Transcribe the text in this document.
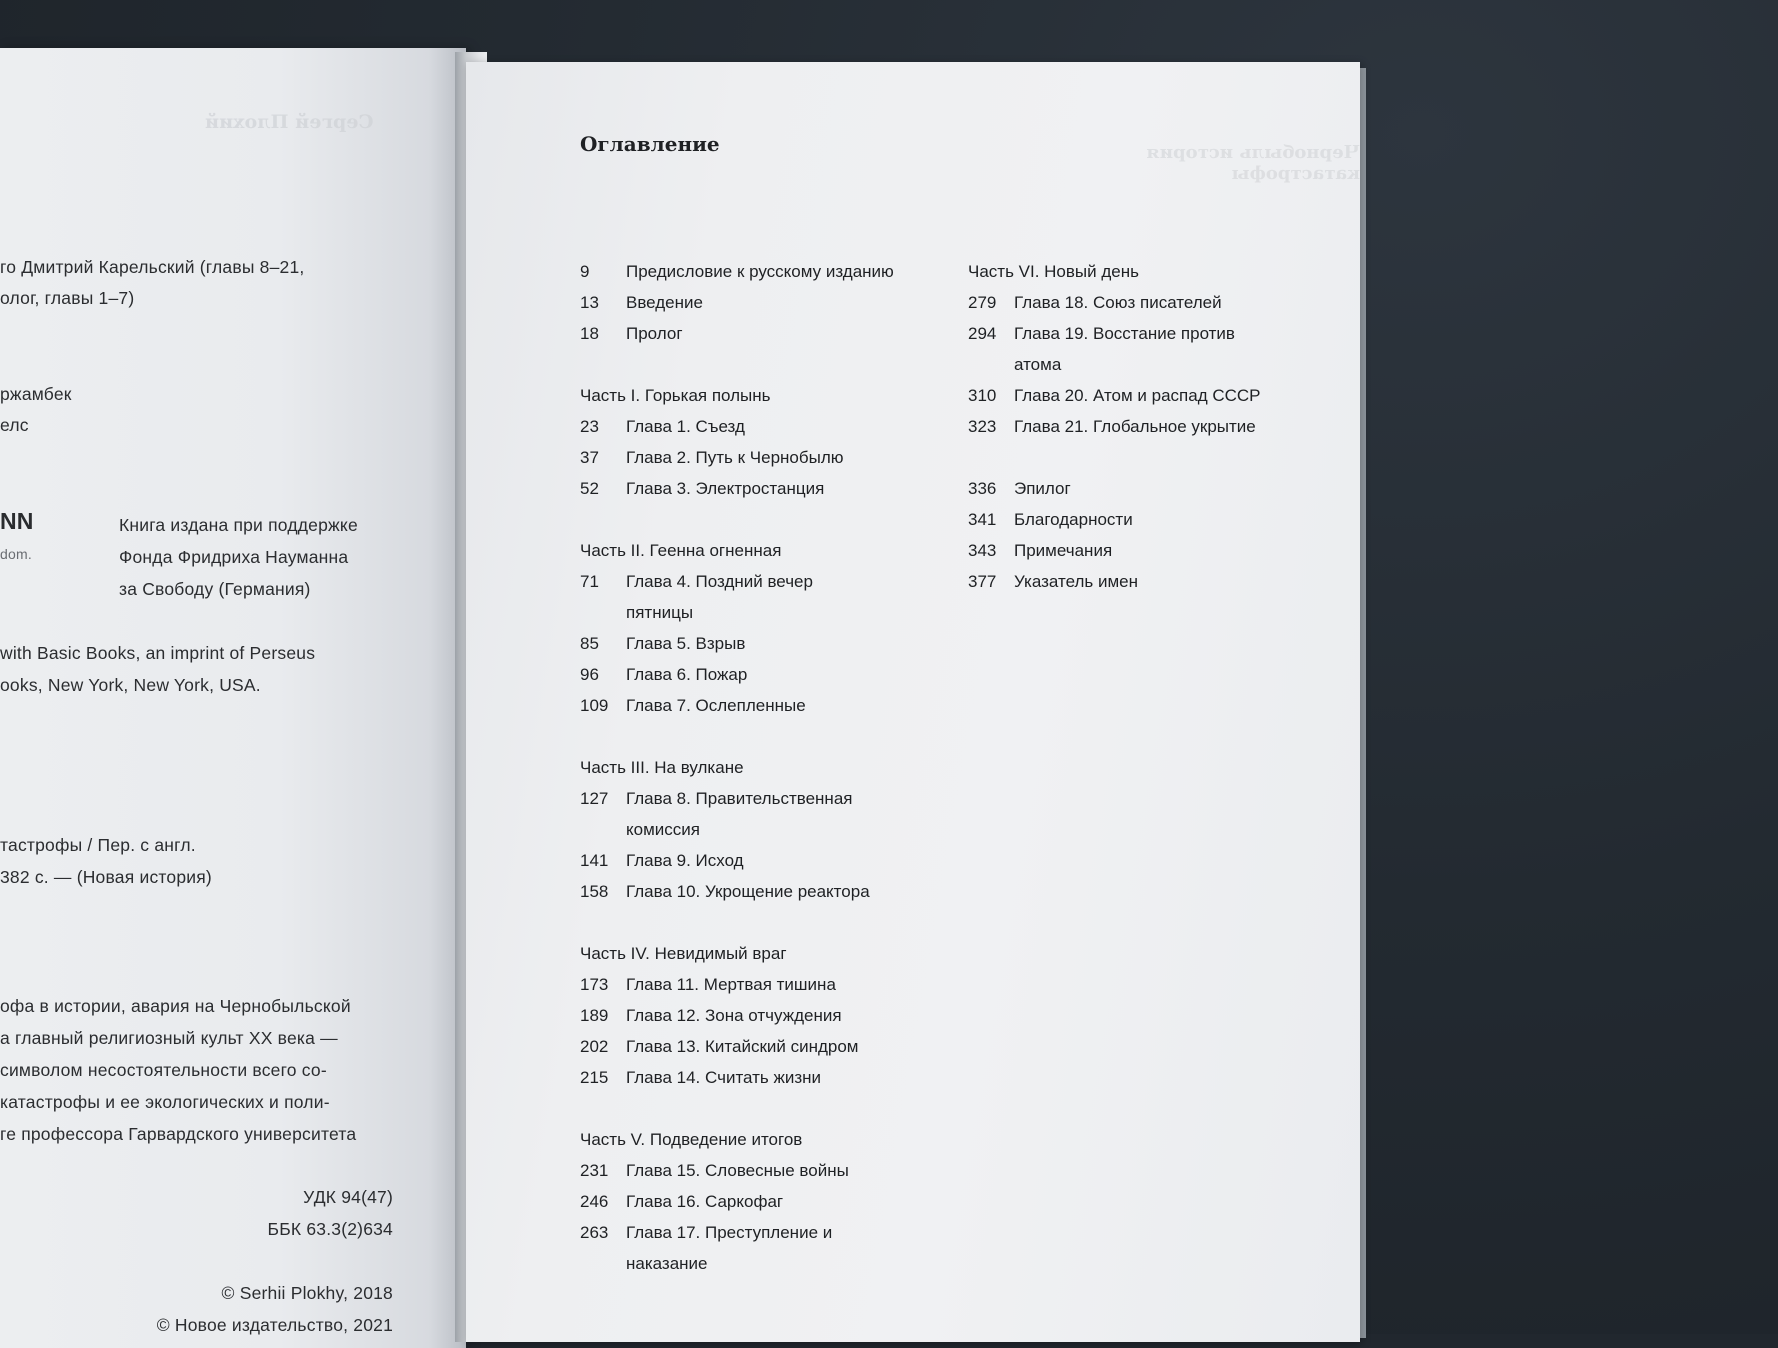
Сергей Плохий
го Дмитрий Карельский (главы 8–21,
олог, главы 1–7)
ржамбек
елс
NN
dom.
Книга издана при поддержке
Фонда Фридриха Науманна
за Свободу (Германия)
with Basic Books, an imprint of Perseus
ooks, New York, New York, USA.
тастрофы / Пер. с англ.
382 с. — (Новая история)
офа в истории, авария на Чернобыльской
а главный религиозный культ XX века —
символом несостоятельности всего со-
катастрофы и ее экологических и поли-
ге профессора Гарвардского университета
УДК 94(47)
ББК 63.3(2)634
© Serhii Plokhy, 2018
© Новое издательство, 2021
Чернобыль история катастрофы
Оглавление
9	Предисловие к русскому изданию
13	Введение
18	Пролог
Часть I. Горькая полынь
23	Глава 1. Съезд
37	Глава 2. Путь к Чернобылю
52	Глава 3. Электростанция
Часть II. Геенна огненная
71	Глава 4. Поздний вечер пятницы
85	Глава 5. Взрыв
96	Глава 6. Пожар
109	Глава 7. Ослепленные
Часть III. На вулкане
127	Глава 8. Правительственная комиссия
141	Глава 9. Исход
158	Глава 10. Укрощение реактора
Часть IV. Невидимый враг
173	Глава 11. Мертвая тишина
189	Глава 12. Зона отчуждения
202	Глава 13. Китайский синдром
215	Глава 14. Считать жизни
Часть V. Подведение итогов
231	Глава 15. Словесные войны
246	Глава 16. Саркофаг
263	Глава 17. Преступление и наказание
Часть VI. Новый день
279	Глава 18. Союз писателей
294	Глава 19. Восстание против атома
310	Глава 20. Атом и распад СССР
323	Глава 21. Глобальное укрытие
336	Эпилог
341	Благодарности
343	Примечания
377	Указатель имен
